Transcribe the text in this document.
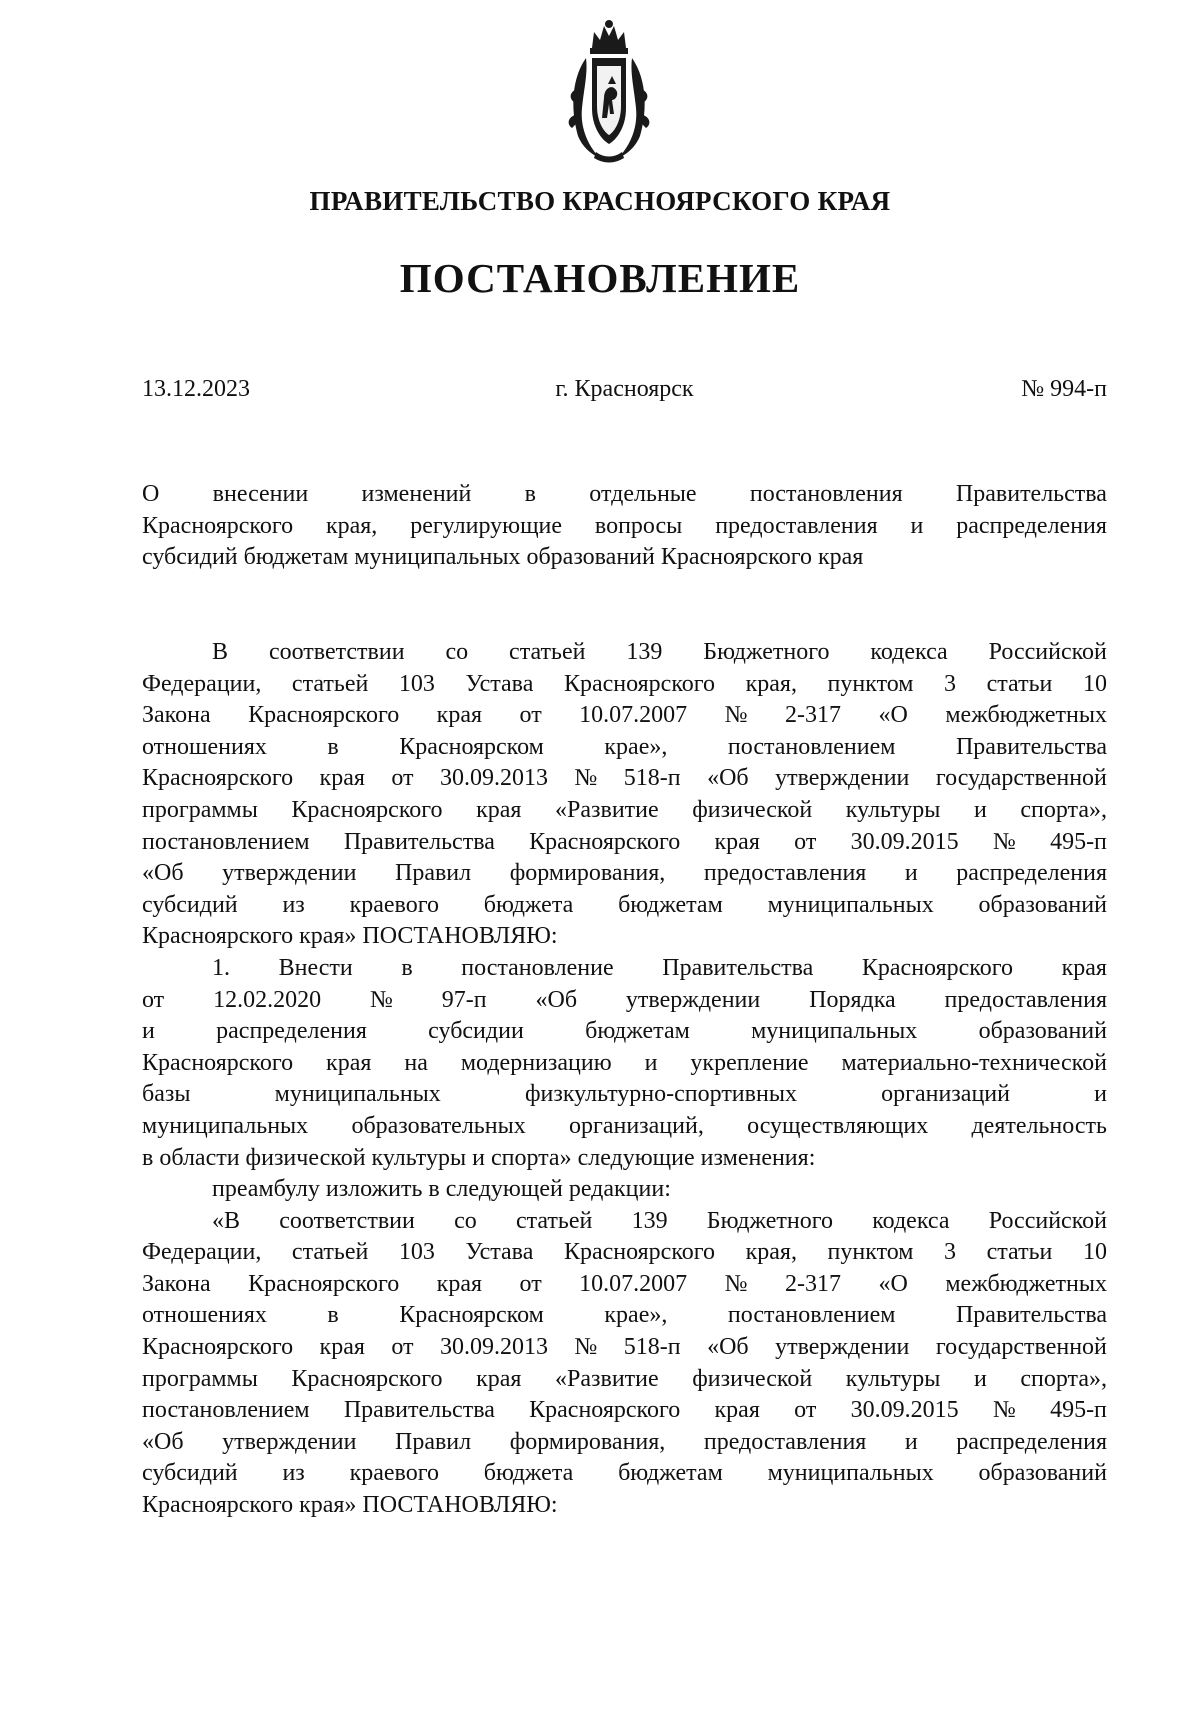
ПРАВИТЕЛЬСТВО КРАСНОЯРСКОГО КРАЯ
ПОСТАНОВЛЕНИЕ
г. Красноярск
13.12.2023	№ 994-п
О внесении изменений в отдельные постановления Правительства
Красноярского края, регулирующие вопросы предоставления и распределения
субсидий бюджетам муниципальных образований Красноярского края
В соответствии со статьей 139 Бюджетного кодекса Российской
Федерации, статьей 103 Устава Красноярского края, пунктом 3 статьи 10
Закона Красноярского края от 10.07.2007 № 2-317 «О межбюджетных
отношениях	в	Красноярском	крае»,	постановлением	Правительства
Красноярского края от 30.09.2013 № 518-п «Об утверждении государственной
программы Красноярского края «Развитие физической культуры и спорта»,
постановлением Правительства Красноярского края от 30.09.2015 № 495-п
«Об утверждении Правил формирования, предоставления и распределения
субсидий из краевого бюджета бюджетам муниципальных образований
Красноярского края» ПОСТАНОВЛЯЮ:
1. Внести в постановление Правительства Красноярского края
от 12.02.2020 № 97-п «Об утверждении Порядка предоставления
и	распределения	субсидии	бюджетам	муниципальных	образований
Красноярского края на модернизацию и укрепление материально-технической
базы	муниципальных	физкультурно-спортивных	организаций	и
муниципальных образовательных организаций, осуществляющих деятельность
в области физической культуры и спорта» следующие изменения:
преамбулу изложить в следующей редакции:
«В соответствии со статьей 139 Бюджетного кодекса Российской
Федерации, статьей 103 Устава Красноярского края, пунктом 3 статьи 10
Закона Красноярского края от 10.07.2007 № 2-317 «О межбюджетных
отношениях	в	Красноярском	крае»,	постановлением	Правительства
Красноярского края от 30.09.2013 № 518-п «Об утверждении государственной
программы Красноярского края «Развитие физической культуры и спорта»,
постановлением Правительства Красноярского края от 30.09.2015 № 495-п
«Об утверждении Правил формирования, предоставления и распределения
субсидий из краевого бюджета бюджетам муниципальных образований
Красноярского края» ПОСТАНОВЛЯЮ:
